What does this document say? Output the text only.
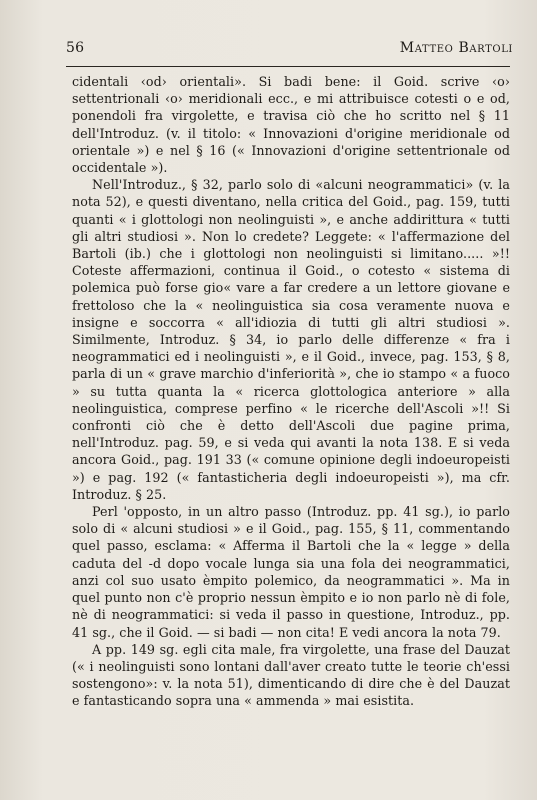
56	Matteo Bartoli

cidentali ‹od› orientali». Si badi bene: il Goid. scrive ‹o› settentrionali ‹o› meridionali ecc., e mi attribuisce cotesti o e od, ponendoli fra virgolette, e travisa ciò che ho scritto nel § 11 dell'Introduz. (v. il titolo: « Innovazioni d'origine meridionale od orientale ») e nel § 16 (« Innovazioni d'origine settentrionale od occidentale »).

Nell'Introduz., § 32, parlo solo di «alcuni neogrammatici» (v. la nota 52), e questi diventano, nella critica del Goid., pag. 159, tutti quanti « i glottologi non neolinguisti », e anche addirittura « tutti gli altri studiosi ». Non lo credete? Leggete: « l'affermazione del Bartoli (ib.) che i glottologi non neolinguisti si limitano..... »!! Coteste affermazioni, continua il Goid., o cotesto « sistema di polemica può forse gio« vare a far credere a un lettore giovane e frettoloso che la « neolinguistica sia cosa veramente nuova e insigne e soccorra « all'idiozia di tutti gli altri studiosi ». Similmente, Introduz. § 34, io parlo delle differenze « fra i neogrammatici ed i neolinguisti », e il Goid., invece, pag. 153, § 8, parla di un « grave marchio d'inferiorità », che io stampo « a fuoco » su tutta quanta la « ricerca glottologica anteriore » alla neolinguistica, comprese perfino « le ricerche dell'Ascoli »!! Si confronti ciò che è detto dell'Ascoli due pagine prima, nell'Introduz. pag. 59, e si veda qui avanti la nota 138. E si veda ancora Goid., pag. 191 33 (« comune opinione degli indoeuropeisti ») e pag. 192 (« fantasticheria degli indoeuropeisti »), ma cfr. Introduz. § 25.

Perl 'opposto, in un altro passo (Introduz. pp. 41 sg.), io parlo solo di « alcuni studiosi » e il Goid., pag. 155, § 11, commentando quel passo, esclama: « Afferma il Bartoli che la « legge » della caduta del -d dopo vocale lunga sia una fola dei neogrammatici, anzi col suo usato èmpito polemico, da neogrammatici ». Ma in quel punto non c'è proprio nessun èmpito e io non parlo nè di fole, nè di neogrammatici: si veda il passo in questione, Introduz., pp. 41 sg., che il Goid. — si badi — non cita! E vedi ancora la nota 79.

A pp. 149 sg. egli cita male, fra virgolette, una frase del Dauzat (« i neolinguisti sono lontani dall'aver creato tutte le teorie ch'essi sostengono»: v. la nota 51), dimenticando di dire che è del Dauzat e fantasticando sopra una « ammenda » mai esistita.
